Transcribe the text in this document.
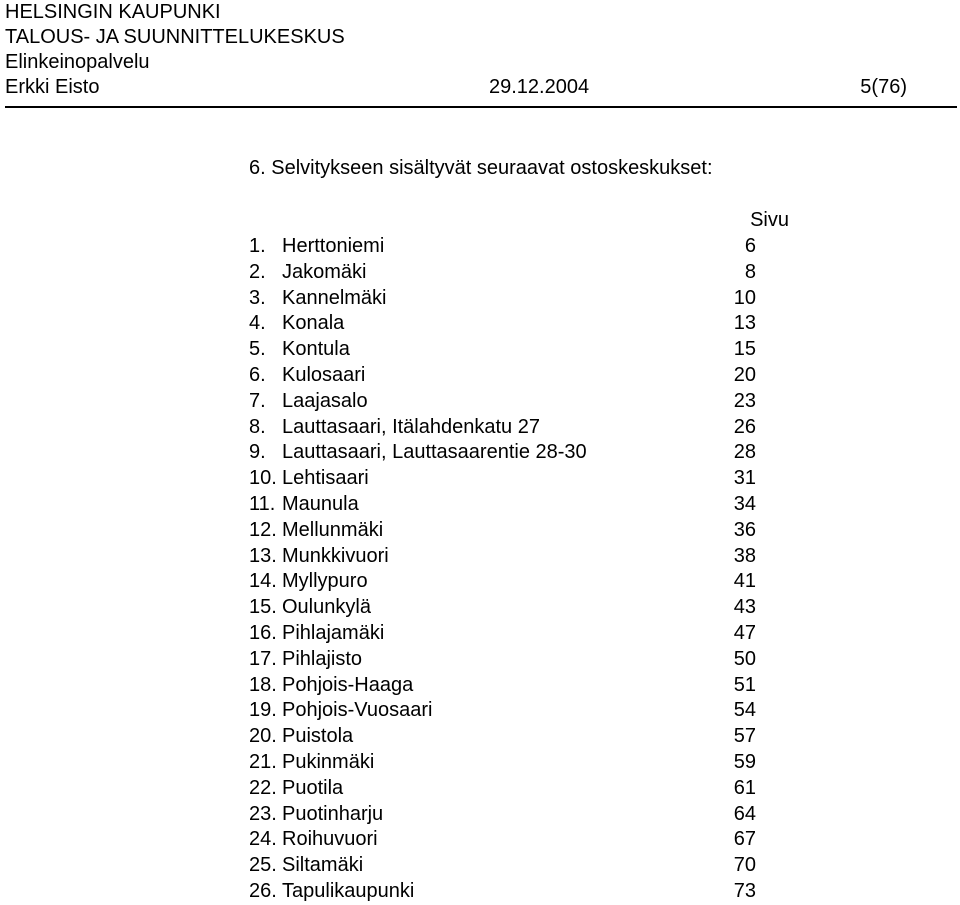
HELSINGIN KAUPUNKI
TALOUS- JA SUUNNITTELUKESKUS
Elinkeinopalvelu
Erkki Eisto	29.12.2004	5(76)
6. Selvitykseen sisältyvät seuraavat ostoskeskukset:
Sivu
1. Herttoniemi	6
2. Jakomäki	8
3. Kannelmäki	10
4. Konala	13
5. Kontula	15
6. Kulosaari	20
7. Laajasalo	23
8. Lauttasaari, Itälahdenkatu 27	26
9. Lauttasaari, Lauttasaarentie 28-30	28
10. Lehtisaari	31
11. Maunula	34
12. Mellunmäki	36
13. Munkkivuori	38
14. Myllypuro	41
15. Oulunkylä	43
16. Pihlajamäki	47
17. Pihlajisto	50
18. Pohjois-Haaga	51
19. Pohjois-Vuosaari	54
20. Puistola	57
21. Pukinmäki	59
22. Puotila	61
23. Puotinharju	64
24. Roihuvuori	67
25. Siltamäki	70
26. Tapulikaupunki	73
